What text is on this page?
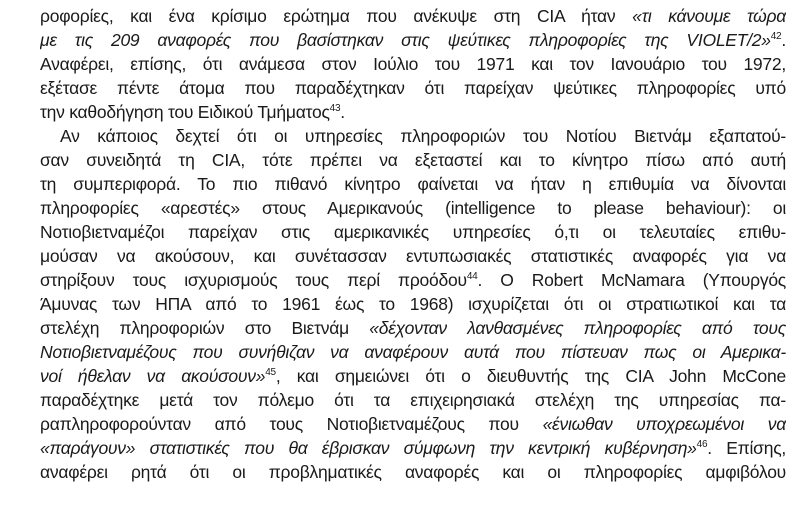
ροφορίες, και ένα κρίσιμο ερώτημα που ανέκυψε στη CIA ήταν «τι κάνουμε τώρα
με τις 209 αναφορές που βασίστηκαν στις ψεύτικες πληροφορίες της VIOLET/2»$^{42}$.
Αναφέρει, επίσης, ότι ανάμεσα στον Ιούλιο του 1971 και τον Ιανουάριο του 1972,
εξέτασε πέντε άτομα που παραδέχτηκαν ότι παρείχαν ψεύτικες πληροφορίες υπό
την καθοδήγηση του Ειδικού Τμήματος$^{43}$.
Αν κάποιος δεχτεί ότι οι υπηρεσίες πληροφοριών του Νοτίου Βιετνάμ εξαπατού-
σαν συνειδητά τη CIA, τότε πρέπει να εξεταστεί και το κίνητρο πίσω από αυτή
τη συμπεριφορά. Το πιο πιθανό κίνητρο φαίνεται να ήταν η επιθυμία να δίνονται
πληροφορίες «αρεστές» στους Αμερικανούς (intelligence to please behaviour): οι
Νοτιοβιετναμέζοι παρείχαν στις αμερικανικές υπηρεσίες ό,τι οι τελευταίες επιθυ-
μούσαν να ακούσουν, και συνέτασσαν εντυπωσιακές στατιστικές αναφορές για να
στηρίξουν τους ισχυρισμούς τους περί προόδου$^{44}$. Ο Robert McNamara (Υπουργός
Άμυνας των ΗΠΑ από το 1961 έως το 1968) ισχυρίζεται ότι οι στρατιωτικοί και τα
στελέχη πληροφοριών στο Βιετνάμ «δέχονταν λανθασμένες πληροφορίες από τους
Νοτιοβιετναμέζους που συνήθιζαν να αναφέρουν αυτά που πίστευαν πως οι Αμερικα-
νοί ήθελαν να ακούσουν»$^{45}$, και σημειώνει ότι ο διευθυντής της CIA John McCone
παραδέχτηκε μετά τον πόλεμο ότι τα επιχειρησιακά στελέχη της υπηρεσίας πα-
ραπληροφορούνταν από τους Νοτιοβιετναμέζους που «ένιωθαν υποχρεωμένοι να
«παράγουν» στατιστικές που θα έβρισκαν σύμφωνη την κεντρική κυβέρνηση»$^{46}$. Επίσης,
αναφέρει ρητά ότι οι προβληματικές αναφορές και οι πληροφορίες αμφιβόλου
